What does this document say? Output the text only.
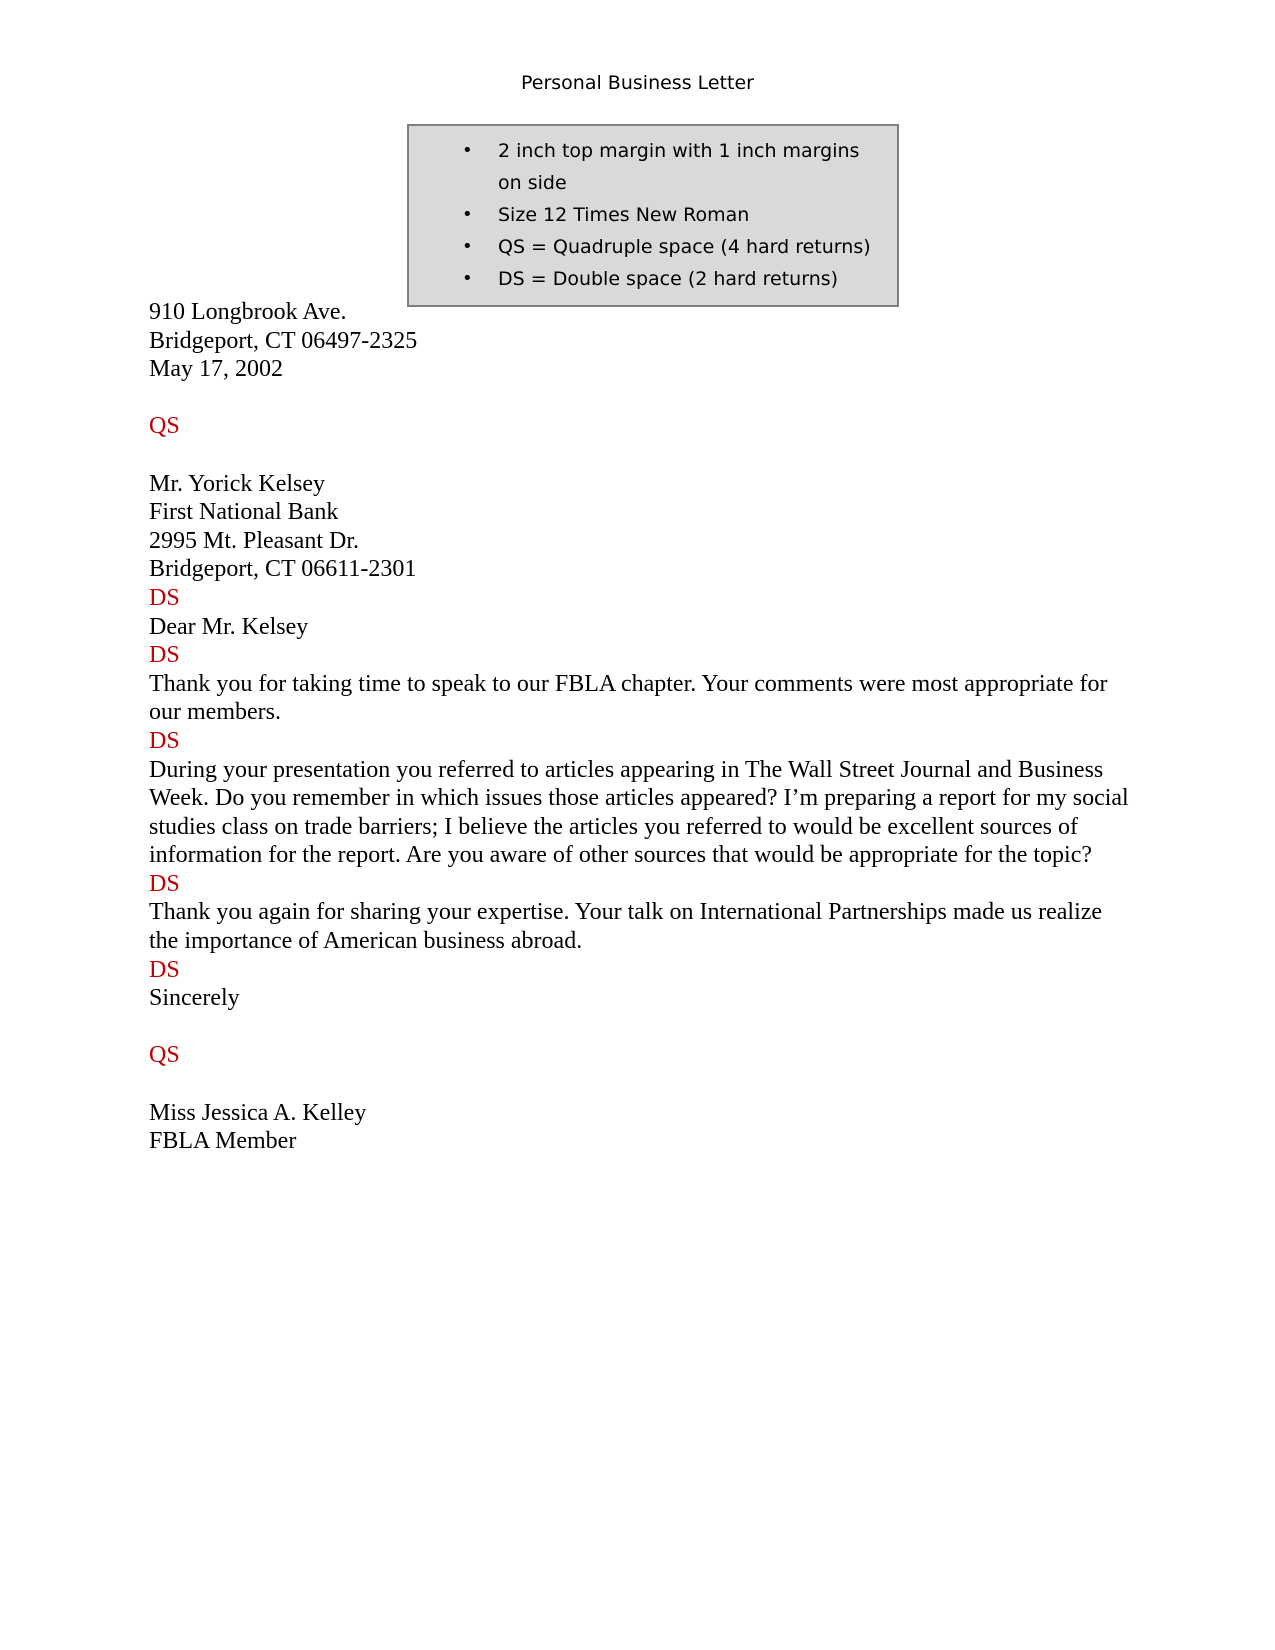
Personal Business Letter
• 2 inch top margin with 1 inch margins on side
• Size 12 Times New Roman
• QS = Quadruple space (4 hard returns)
• DS = Double space (2 hard returns)
910 Longbrook Ave.
Bridgeport, CT 06497-2325
May 17, 2002
QS
Mr. Yorick Kelsey
First National Bank
2995 Mt. Pleasant Dr.
Bridgeport, CT 06611-2301
DS
Dear Mr. Kelsey
DS

Thank you for taking time to speak to our FBLA chapter. Your comments were most appropriate for our members.

DS

During your presentation you referred to articles appearing in The Wall Street Journal and Business Week. Do you remember in which issues those articles appeared? I’m preparing a report for my social studies class on trade barriers; I believe the articles you referred to would be excellent sources of information for the report. Are you aware of other sources that would be appropriate for the topic?

DS

Thank you again for sharing your expertise. Your talk on International Partnerships made us realize the importance of American business abroad.

DS
Sincerely
QS
Miss Jessica A. Kelley
FBLA Member
